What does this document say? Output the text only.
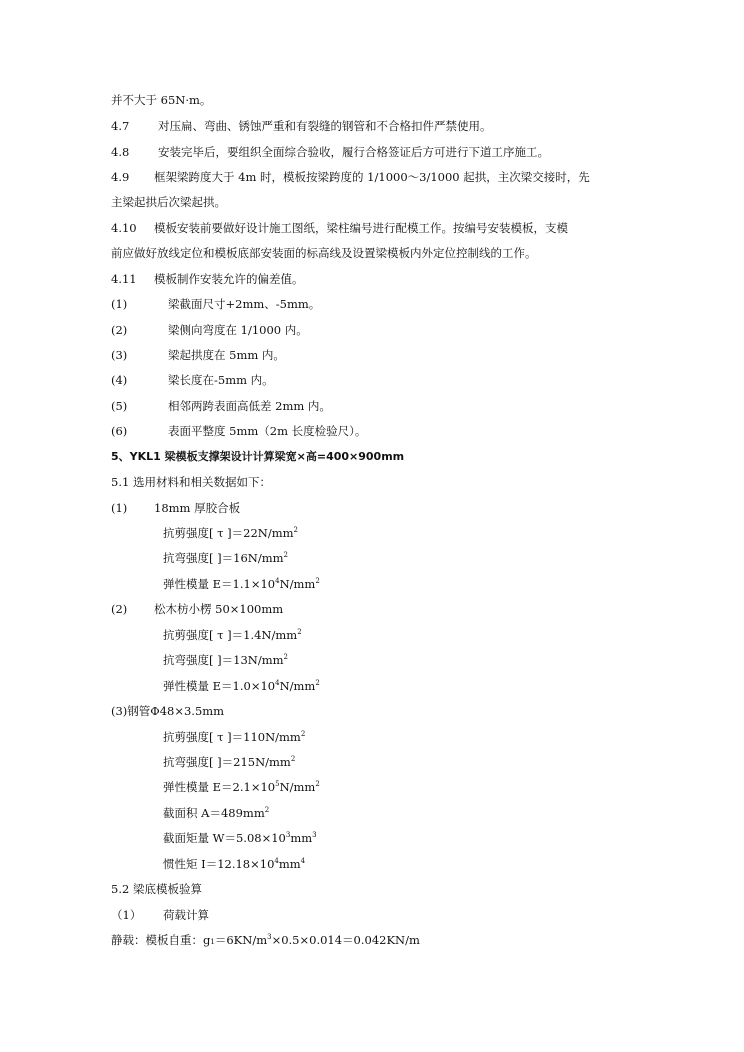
并不大于 65N·m。
4.7 对压扁、弯曲、锈蚀严重和有裂缝的钢管和不合格扣件严禁使用。
4.8 安装完毕后，要组织全面综合验收，履行合格签证后方可进行下道工序施工。
4.9 框架梁跨度大于 4m 时，模板按梁跨度的 1/1000～3/1000 起拱，主次梁交接时，先
主梁起拱后次梁起拱。
4.10 模板安装前要做好设计施工图纸，梁柱编号进行配模工作。按编号安装模板，支模
前应做好放线定位和模板底部安装面的标高线及设置梁模板内外定位控制线的工作。
4.11 模板制作安装允许的偏差值。
(1)	梁截面尺寸+2mm、-5mm。
(2)	梁侧向弯度在 1/1000 内。
(3)	梁起拱度在 5mm 内。
(4)	梁长度在-5mm 内。
(5)	相邻两跨表面高低差 2mm 内。
(6)	表面平整度 5mm（2m 长度检验尺）。
5、YKL1 梁模板支撑架设计计算梁宽×高=400×900mm
5.1 选用材料和相关数据如下：
(1) 18mm 厚胶合板
抗剪强度[ τ ]$=22N/mm^2$
抗弯强度[ ]$=16N/mm^2$
弹性模量 $E=1.1\times 10^4N/mm^2$
(2) 松木枋小楞 50×100mm
抗剪强度[ τ ]$=1.4N/mm^2$
抗弯强度[ ]$=13N/mm^2$
弹性模量 $E=1.0\times 10^4N/mm^2$
(3)钢管Φ48×3.5mm
抗剪强度[ τ ]$=110N/mm^2$
抗弯强度[ ]$=215N/mm^2$
弹性模量 $E=2.1\times 10^5N/mm^2$
截面积 $A=489mm^2$
截面矩量 $W=5.08\times 10^3mm^3$
惯性矩 $I=12.18\times 10^4mm^4$
5.2 梁底模板验算
（1） 荷载计算
静载：模板自重：$g_1=6KN/m^3\times 0.5\times 0.014=0.042KN/m$
